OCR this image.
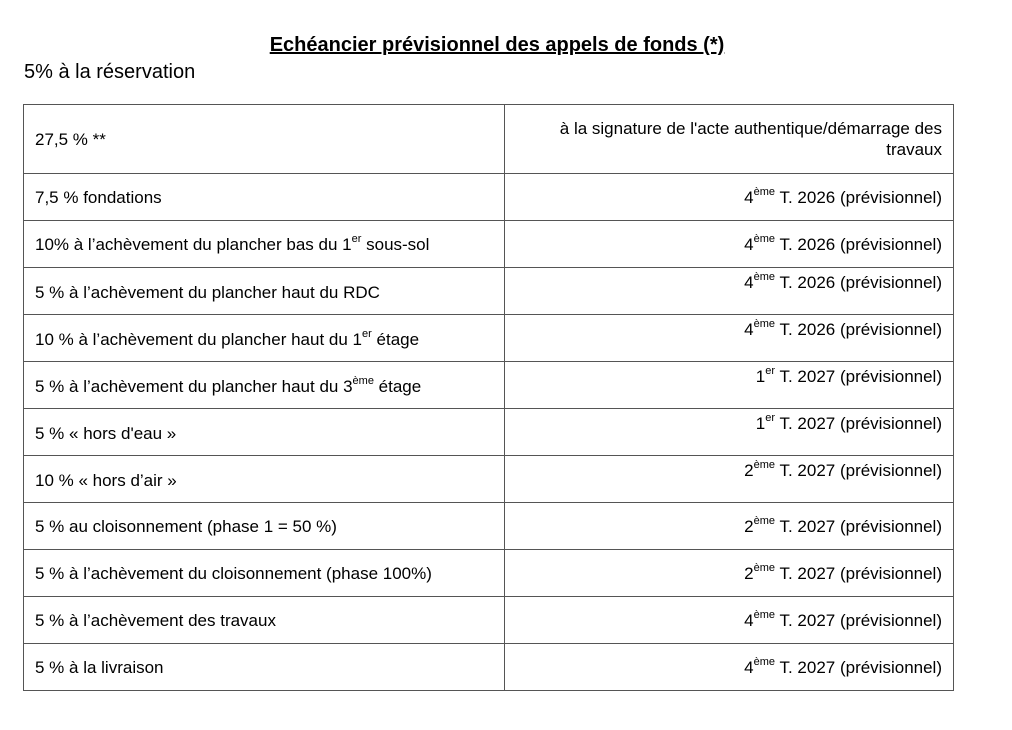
Echéancier prévisionnel des appels de fonds (*)
5% à la réservation
27,5 % **	à la signature de l'acte authentique/démarrage des travaux
7,5 % fondations	4ème T. 2026 (prévisionnel)
10% à l’achèvement du plancher bas du 1er sous-sol	4ème T. 2026 (prévisionnel)
5 % à l’achèvement du plancher haut du RDC	4ème T. 2026 (prévisionnel)
10 % à l’achèvement du plancher haut du 1er étage	4ème T. 2026 (prévisionnel)
5 % à l’achèvement du plancher haut du 3ème étage	1er T. 2027 (prévisionnel)
5 % « hors d'eau »	1er T. 2027 (prévisionnel)
10 % « hors d’air »	2ème T. 2027 (prévisionnel)
5 % au cloisonnement (phase 1 = 50 %)	2ème T. 2027 (prévisionnel)
5 % à l’achèvement du cloisonnement (phase 100%)	2ème T. 2027 (prévisionnel)
5 % à l’achèvement des travaux	4ème T. 2027 (prévisionnel)
5 % à la livraison	4ème T. 2027 (prévisionnel)
